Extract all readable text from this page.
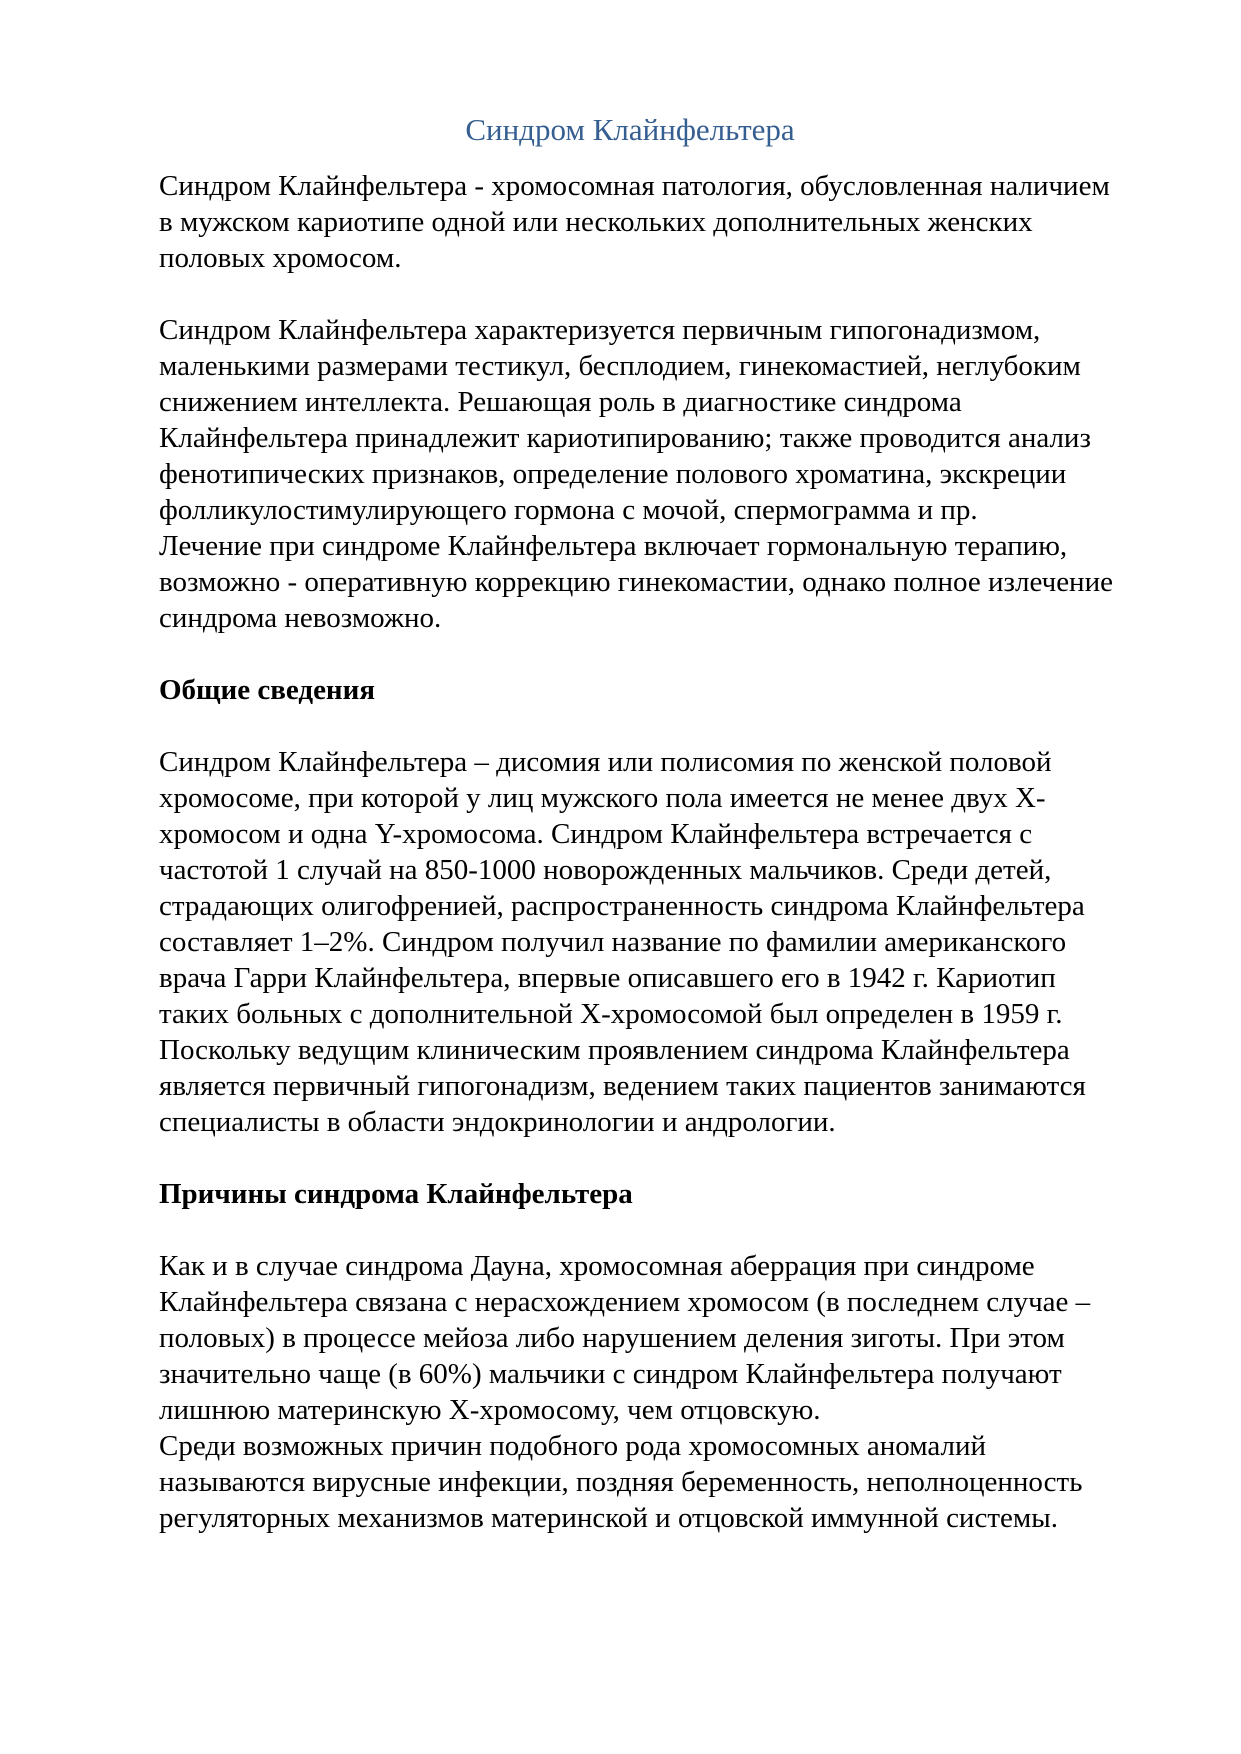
Синдром Клайнфельтера
Синдром Клайнфельтера - хромосомная патология, обусловленная наличием
в мужском кариотипе одной или нескольких дополнительных женских
половых хромосом.
Синдром Клайнфельтера характеризуется первичным гипогонадизмом,
маленькими размерами тестикул, бесплодием, гинекомастией, неглубоким
снижением интеллекта. Решающая роль в диагностике синдрома
Клайнфельтера принадлежит кариотипированию; также проводится анализ
фенотипических признаков, определение полового хроматина, экскреции
фолликулостимулирующего гормона с мочой, спермограмма и пр.
Лечение при синдроме Клайнфельтера включает гормональную терапию,
возможно - оперативную коррекцию гинекомастии, однако полное излечение
синдрома невозможно.
Общие сведения
Синдром Клайнфельтера – дисомия или полисомия по женской половой
хромосоме, при которой у лиц мужского пола имеется не менее двух X-
хромосом и одна Y-хромосома. Синдром Клайнфельтера встречается с
частотой 1 случай на 850-1000 новорожденных мальчиков. Среди детей,
страдающих олигофренией, распространенность синдрома Клайнфельтера
составляет 1–2%. Синдром получил название по фамилии американского
врача Гарри Клайнфельтера, впервые описавшего его в 1942 г. Кариотип
таких больных с дополнительной X-хромосомой был определен в 1959 г.
Поскольку ведущим клиническим проявлением синдрома Клайнфельтера
является первичный гипогонадизм, ведением таких пациентов занимаются
специалисты в области эндокринологии и андрологии.
Причины синдрома Клайнфельтера
Как и в случае синдрома Дауна, хромосомная аберрация при синдроме
Клайнфельтера связана с нерасхождением хромосом (в последнем случае –
половых) в процессе мейоза либо нарушением деления зиготы. При этом
значительно чаще (в 60%) мальчики с синдром Клайнфельтера получают
лишнюю материнскую X-хромосому, чем отцовскую.
Среди возможных причин подобного рода хромосомных аномалий
называются вирусные инфекции, поздняя беременность, неполноценность
регуляторных механизмов материнской и отцовской иммунной системы.
